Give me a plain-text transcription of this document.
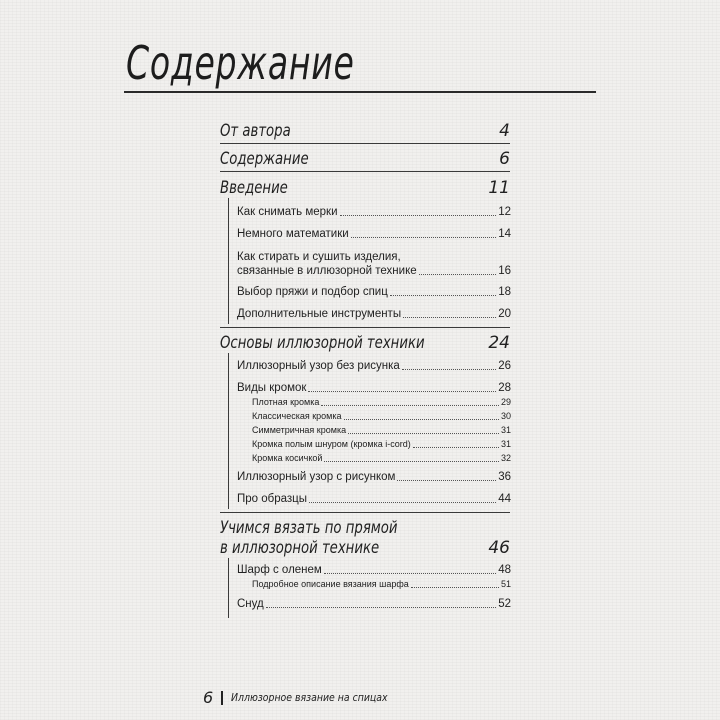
Содержание
От автора	4
Содержание	6
Введение	11
Как снимать мерки	12
Немного математики	14
Как стирать и сушить изделия,
связанные в иллюзорной технике	16
Выбор пряжи и подбор спиц	18
Дополнительные инструменты	20
Основы иллюзорной техники	24
Иллюзорный узор без рисунка	26
Виды кромок	28
Плотная кромка	29
Классическая кромка	30
Симметричная кромка	31
Кромка полым шнуром (кромка i-cord)	31
Кромка косичкой	32
Иллюзорный узор с рисунком	36
Про образцы	44
Учимся вязать по прямой
в иллюзорной технике	46
Шарф с оленем	48
Подробное описание вязания шарфа	51
Снуд	52
6 Иллюзорное вязание на спицах
